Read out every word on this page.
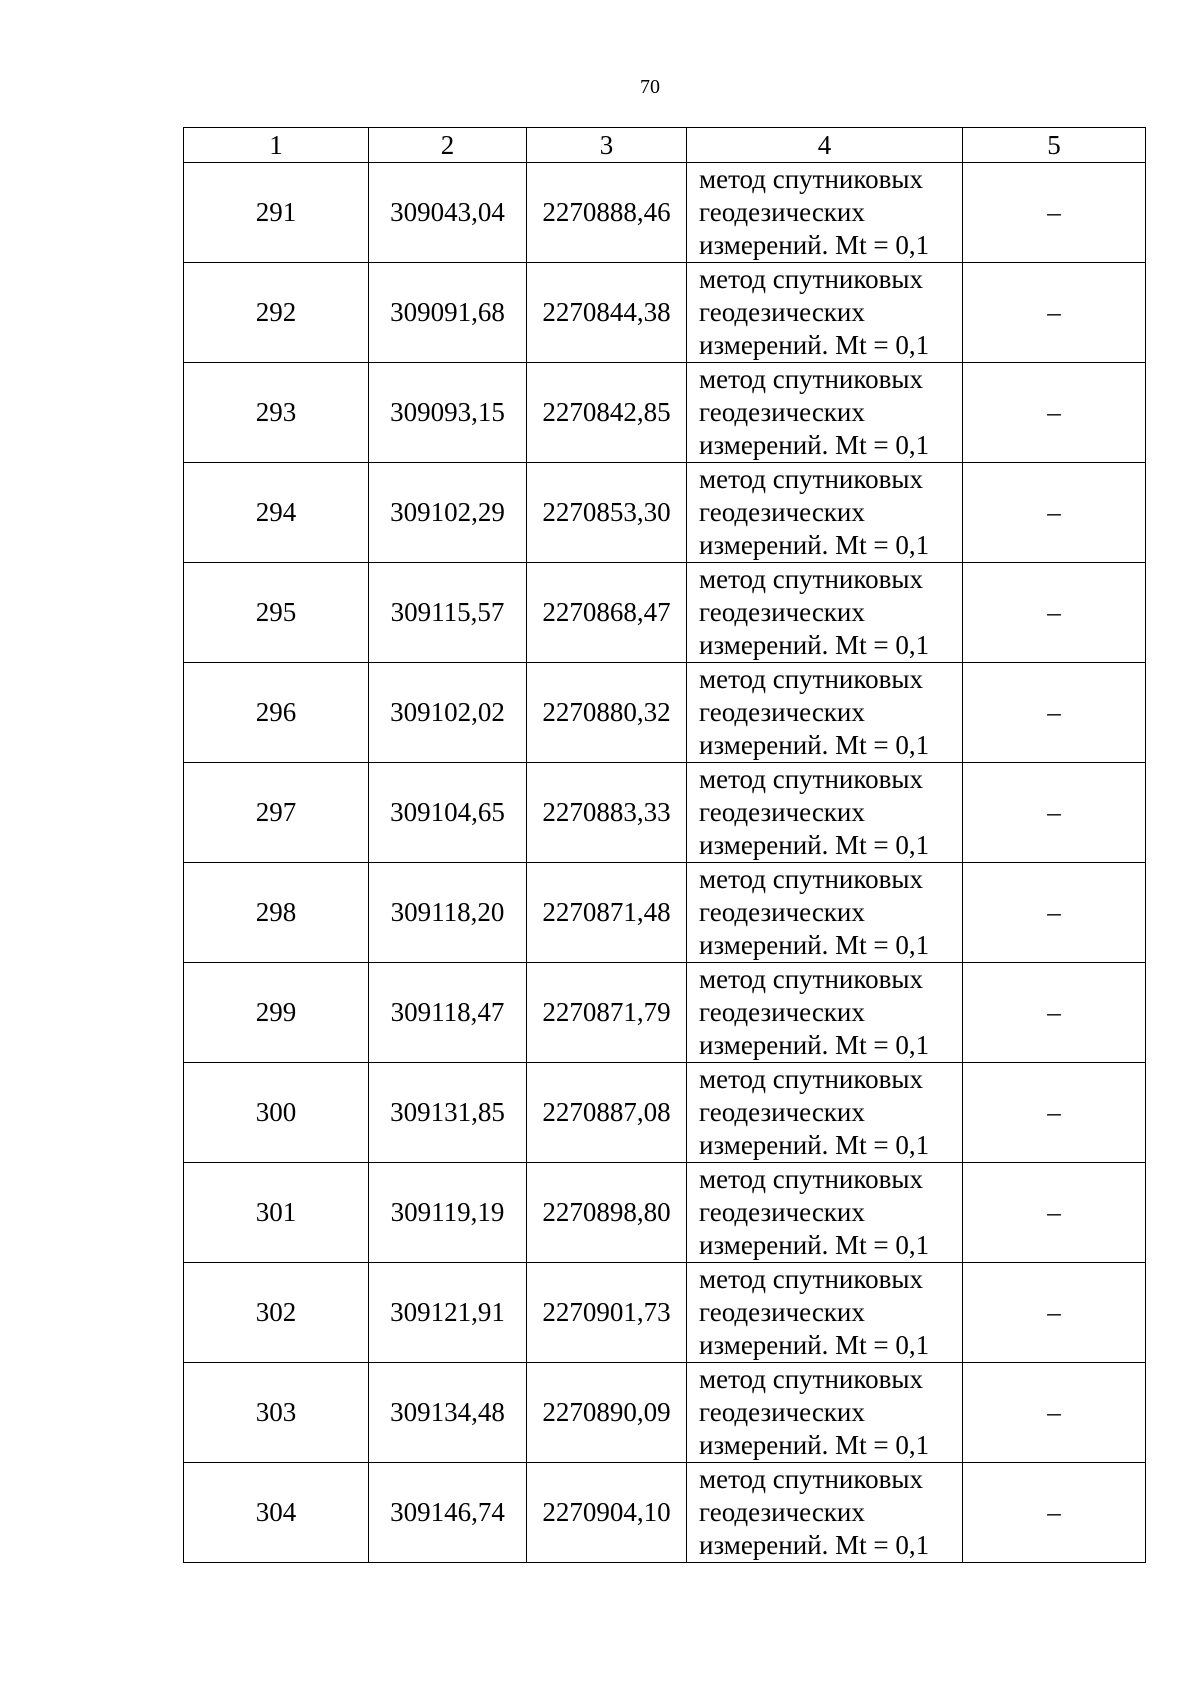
70
1	2	3	4	5
291	309043,04	2270888,46	метод спутниковых
геодезических
измерений. Mt = 0,1	–
292	309091,68	2270844,38	метод спутниковых
геодезических
измерений. Mt = 0,1	–
293	309093,15	2270842,85	метод спутниковых
геодезических
измерений. Mt = 0,1	–
294	309102,29	2270853,30	метод спутниковых
геодезических
измерений. Mt = 0,1	–
295	309115,57	2270868,47	метод спутниковых
геодезических
измерений. Mt = 0,1	–
296	309102,02	2270880,32	метод спутниковых
геодезических
измерений. Mt = 0,1	–
297	309104,65	2270883,33	метод спутниковых
геодезических
измерений. Mt = 0,1	–
298	309118,20	2270871,48	метод спутниковых
геодезических
измерений. Mt = 0,1	–
299	309118,47	2270871,79	метод спутниковых
геодезических
измерений. Mt = 0,1	–
300	309131,85	2270887,08	метод спутниковых
геодезических
измерений. Mt = 0,1	–
301	309119,19	2270898,80	метод спутниковых
геодезических
измерений. Mt = 0,1	–
302	309121,91	2270901,73	метод спутниковых
геодезических
измерений. Mt = 0,1	–
303	309134,48	2270890,09	метод спутниковых
геодезических
измерений. Mt = 0,1	–
304	309146,74	2270904,10	метод спутниковых
геодезических
измерений. Mt = 0,1	–
